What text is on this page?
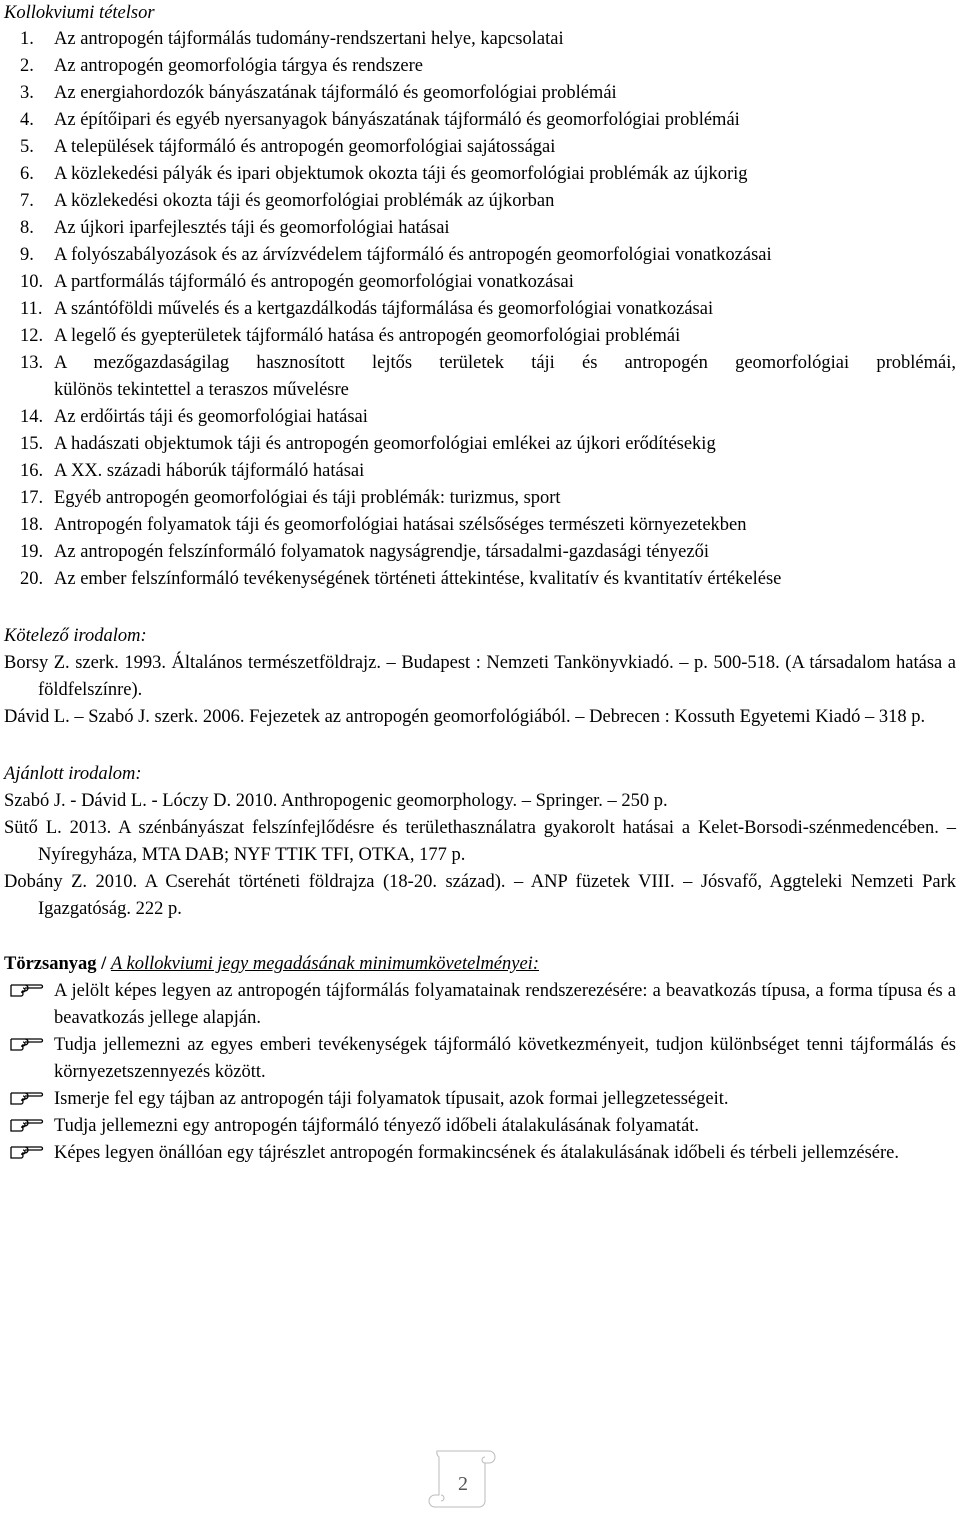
Kollokviumi tételsor
1. Az antropogén tájformálás tudomány-rendszertani helye, kapcsolatai
2. Az antropogén geomorfológia tárgya és rendszere
3. Az energiahordozók bányászatának tájformáló és geomorfológiai problémái
4. Az építőipari és egyéb nyersanyagok bányászatának tájformáló és geomorfológiai problémái
5. A települések tájformáló és antropogén geomorfológiai sajátosságai
6. A közlekedési pályák és ipari objektumok okozta táji és geomorfológiai problémák az újkorig
7. A közlekedési okozta táji és geomorfológiai problémák az újkorban
8. Az újkori iparfejlesztés táji és geomorfológiai hatásai
9. A folyószabályozások és az árvízvédelem tájformáló és antropogén geomorfológiai vonatkozásai
10. A partformálás tájformáló és antropogén geomorfológiai vonatkozásai
11. A szántóföldi művelés és a kertgazdálkodás tájformálása és geomorfológiai vonatkozásai
12. A legelő és gyepterületek tájformáló hatása és antropogén geomorfológiai problémái
13. A mezőgazdaságilag hasznosított lejtős területek táji és antropogén geomorfológiai problémái,
különös tekintettel a teraszos művelésre
14. Az erdőirtás táji és geomorfológiai hatásai
15. A hadászati objektumok táji és antropogén geomorfológiai emlékei az újkori erődítésekig
16. A XX. századi háborúk tájformáló hatásai
17. Egyéb antropogén geomorfológiai és táji problémák: turizmus, sport
18. Antropogén folyamatok táji és geomorfológiai hatásai szélsőséges természeti környezetekben
19. Az antropogén felszínformáló folyamatok nagyságrendje, társadalmi-gazdasági tényezői
20. Az ember felszínformáló tevékenységének történeti áttekintése, kvalitatív és kvantitatív értékelése
Kötelező irodalom:

Borsy Z. szerk. 1993. Általános természetföldrajz. – Budapest : Nemzeti Tankönyvkiadó. – p. 500-518. (A társadalom hatása a földfelszínre).

Dávid L. – Szabó J. szerk. 2006. Fejezetek az antropogén geomorfológiából. – Debrecen : Kossuth Egyetemi Kiadó – 318 p.

Ajánlott irodalom:

Szabó J. - Dávid L. - Lóczy D. 2010. Anthropogenic geomorphology. – Springer. – 250 p.

Sütő L. 2013. A szénbányászat felszínfejlődésre és területhasználatra gyakorolt hatásai a Kelet-Borsodi-szénmedencében. – Nyíregyháza, MTA DAB; NYF TTIK TFI, OTKA, 177 p.

Dobány Z. 2010. A Cserehát történeti földrajza (18-20. század). – ANP füzetek VIII. – Jósvafő, Aggteleki Nemzeti Park Igazgatóság. 222 p.

Törzsanyag / A kollokviumi jegy megadásának minimumkövetelményei:
A jelölt képes legyen az antropogén tájformálás folyamatainak rendszerezésére: a beavatkozás típusa, a forma típusa és a beavatkozás jellege alapján.
Tudja jellemezni az egyes emberi tevékenységek tájformáló következményeit, tudjon különbséget tenni tájformálás és környezetszennyezés között.
Ismerje fel egy tájban az antropogén táji folyamatok típusait, azok formai jellegzetességeit.
Tudja jellemezni egy antropogén tájformáló tényező időbeli átalakulásának folyamatát.
Képes legyen önállóan egy tájrészlet antropogén formakincsének és átalakulásának időbeli és térbeli jellemzésére.
2
